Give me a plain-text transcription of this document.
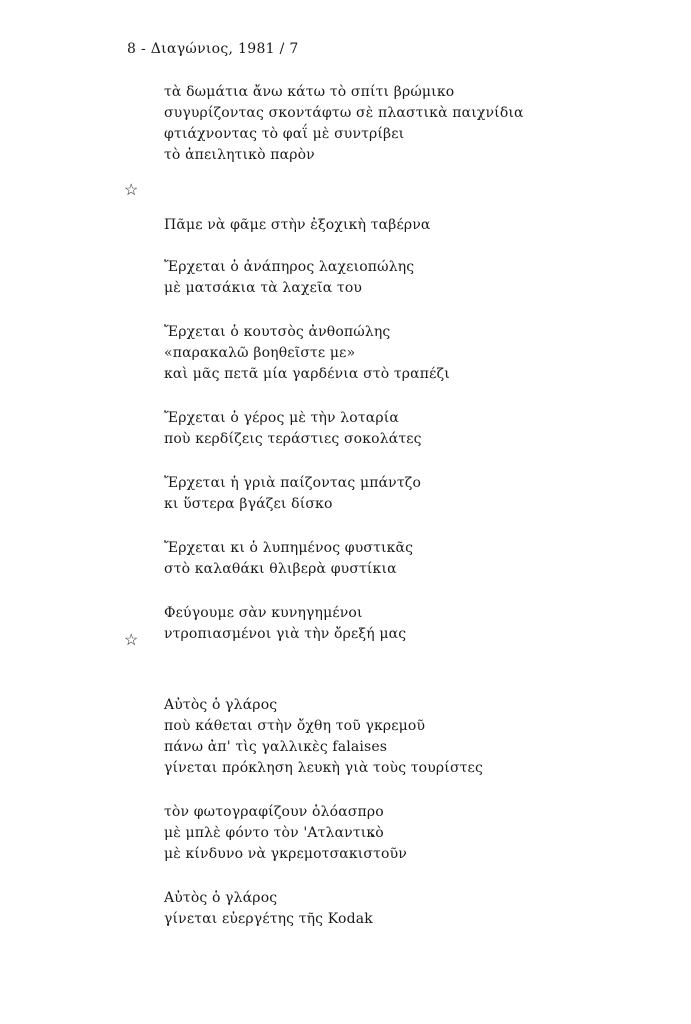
8 - Διαγώνιος, 1981 / 7
☆
☆
τὰ δωμάτια ἄνω κάτω τὸ σπίτι βρώμικο
συγυρίζοντας σκοντάφτω σὲ πλαστικὰ παιχνίδια
φτιάχνοντας τὸ φαΐ μὲ συντρίβει
τὸ ἀπειλητικὸ παρὸν
Πᾶμε νὰ φᾶμε στὴν ἐξοχικὴ ταβέρνα
Ἔρχεται ὁ ἀνάπηρος λαχειοπώλης
μὲ ματσάκια τὰ λαχεῖα του
Ἔρχεται ὁ κουτσὸς ἀνθοπώλης
«παρακαλῶ βοηθεῖστε με»
καὶ μᾶς πετᾶ μία γαρδένια στὸ τραπέζι
Ἔρχεται ὁ γέρος μὲ τὴν λοταρία
ποὺ κερδίζεις τεράστιες σοκολάτες
Ἔρχεται ἡ γριὰ παίζοντας μπάντζο
κι ὕστερα βγάζει δίσκο
Ἔρχεται κι ὁ λυπημένος φυστικᾶς
στὸ καλαθάκι θλιβερὰ φυστίκια
Φεύγουμε σὰν κυνηγημένοι
ντροπιασμένοι γιὰ τὴν ὄρεξή μας
Αὐτὸς ὁ γλάρος
ποὺ κάθεται στὴν ὄχθη τοῦ γκρεμοῦ
πάνω ἀπ' τὶς γαλλικὲς falaises
γίνεται πρόκληση λευκὴ γιὰ τοὺς τουρίστες
τὸν φωτογραφίζουν ὁλόασπρο
μὲ μπλὲ φόντο τὸν 'Ατλαντικὸ
μὲ κίνδυνο νὰ γκρεμοτσακιστοῦν
Αὐτὸς ὁ γλάρος
γίνεται εὐεργέτης τῆς Kodak
